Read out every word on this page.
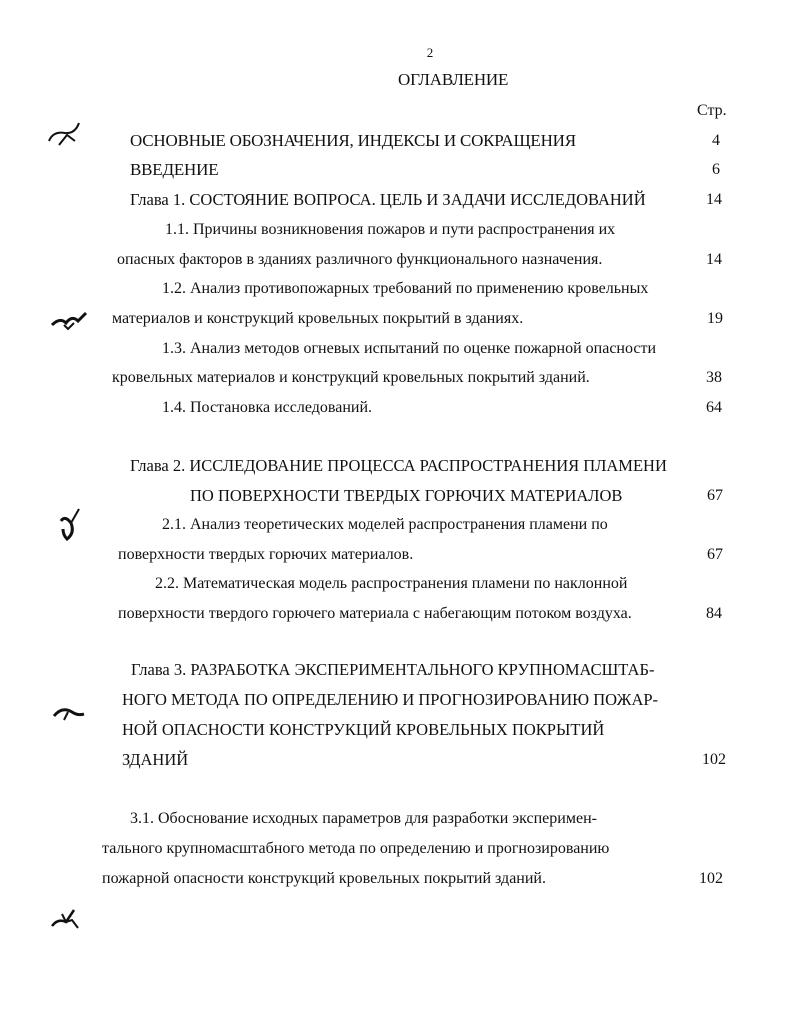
2
ОГЛАВЛЕНИЕ
Стр.
ОСНОВНЫЕ ОБОЗНАЧЕНИЯ, ИНДЕКСЫ И СОКРАЩЕНИЯ	4
ВВЕДЕНИЕ	6
Глава 1. СОСТОЯНИЕ ВОПРОСА. ЦЕЛЬ И ЗАДАЧИ ИССЛЕДОВАНИЙ	14
1.1. Причины возникновения пожаров и пути распространения их
опасных факторов в зданиях различного функционального назначения.	14
1.2. Анализ противопожарных требований по применению кровельных
материалов и конструкций кровельных покрытий в зданиях.	19
1.3. Анализ методов огневых испытаний по оценке пожарной опасности
кровельных материалов и конструкций кровельных покрытий зданий.	38
1.4. Постановка исследований.	64
Глава 2. ИССЛЕДОВАНИЕ ПРОЦЕССА РАСПРОСТРАНЕНИЯ ПЛАМЕНИ
ПО ПОВЕРХНОСТИ ТВЕРДЫХ ГОРЮЧИХ МАТЕРИАЛОВ	67
2.1. Анализ теоретических моделей распространения пламени по
поверхности твердых горючих материалов.	67
2.2. Математическая модель распространения пламени по наклонной
поверхности твердого горючего материала с набегающим потоком воздуха.	84
Глава 3. РАЗРАБОТКА ЭКСПЕРИМЕНТАЛЬНОГО КРУПНОМАСШТАБ-
НОГО МЕТОДА ПО ОПРЕДЕЛЕНИЮ И ПРОГНОЗИРОВАНИЮ ПОЖАР-
НОЙ ОПАСНОСТИ КОНСТРУКЦИЙ КРОВЕЛЬНЫХ ПОКРЫТИЙ
ЗДАНИЙ	102
3.1. Обоснование исходных параметров для разработки эксперимен-
тального крупномасштабного метода по определению и прогнозированию
пожарной опасности конструкций кровельных покрытий зданий.	102
